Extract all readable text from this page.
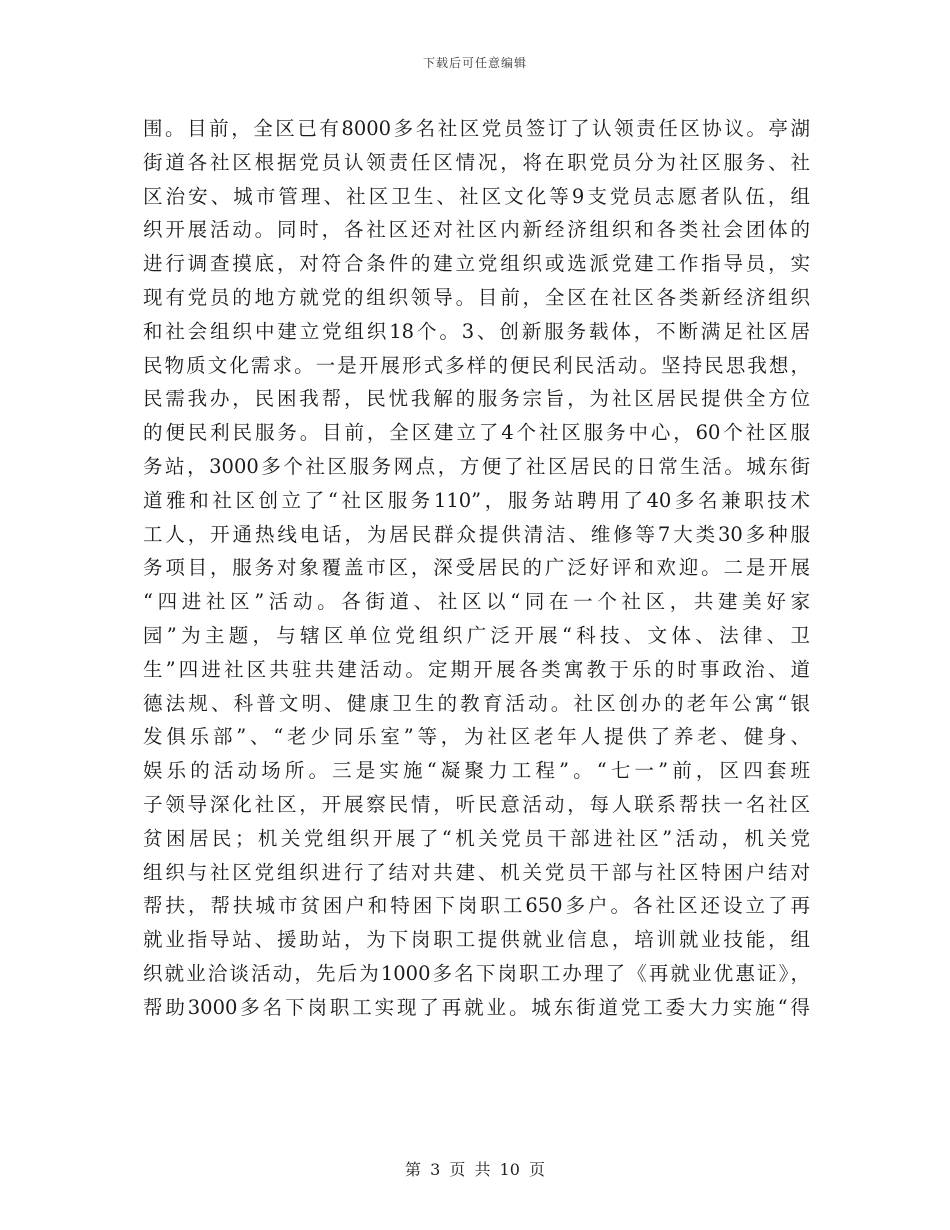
下载后可任意编辑
围。目前，全区已有8000多名社区党员签订了认领责任区协议。亭湖
街道各社区根据党员认领责任区情况，将在职党员分为社区服务、社
区治安、城市管理、社区卫生、社区文化等9支党员志愿者队伍，组
织开展活动。同时，各社区还对社区内新经济组织和各类社会团体的
进行调查摸底，对符合条件的建立党组织或选派党建工作指导员，实
现有党员的地方就党的组织领导。目前，全区在社区各类新经济组织
和社会组织中建立党组织18个。3、创新服务载体，不断满足社区居
民物质文化需求。一是开展形式多样的便民利民活动。坚持民思我想，
民需我办，民困我帮，民忧我解的服务宗旨，为社区居民提供全方位
的便民利民服务。目前，全区建立了4个社区服务中心，60个社区服
务站，3000多个社区服务网点，方便了社区居民的日常生活。城东街
道雅和社区创立了“社区服务110”，服务站聘用了40多名兼职技术
工人，开通热线电话，为居民群众提供清洁、维修等7大类30多种服
务项目，服务对象覆盖市区，深受居民的广泛好评和欢迎。二是开展
“四进社区”活动。各街道、社区以“同在一个社区，共建美好家
园”为主题，与辖区单位党组织广泛开展“科技、文体、法律、卫
生”四进社区共驻共建活动。定期开展各类寓教于乐的时事政治、道
德法规、科普文明、健康卫生的教育活动。社区创办的老年公寓“银
发俱乐部”、“老少同乐室”等，为社区老年人提供了养老、健身、
娱乐的活动场所。三是实施“凝聚力工程”。“七一”前，区四套班
子领导深化社区，开展察民情，听民意活动，每人联系帮扶一名社区
贫困居民；机关党组织开展了“机关党员干部进社区”活动，机关党
组织与社区党组织进行了结对共建、机关党员干部与社区特困户结对
帮扶，帮扶城市贫困户和特困下岗职工650多户。各社区还设立了再
就业指导站、援助站，为下岗职工提供就业信息，培训就业技能，组
织就业洽谈活动，先后为1000多名下岗职工办理了《再就业优惠证》，
帮助3000多名下岗职工实现了再就业。城东街道党工委大力实施“得
第 3 页 共 10 页
